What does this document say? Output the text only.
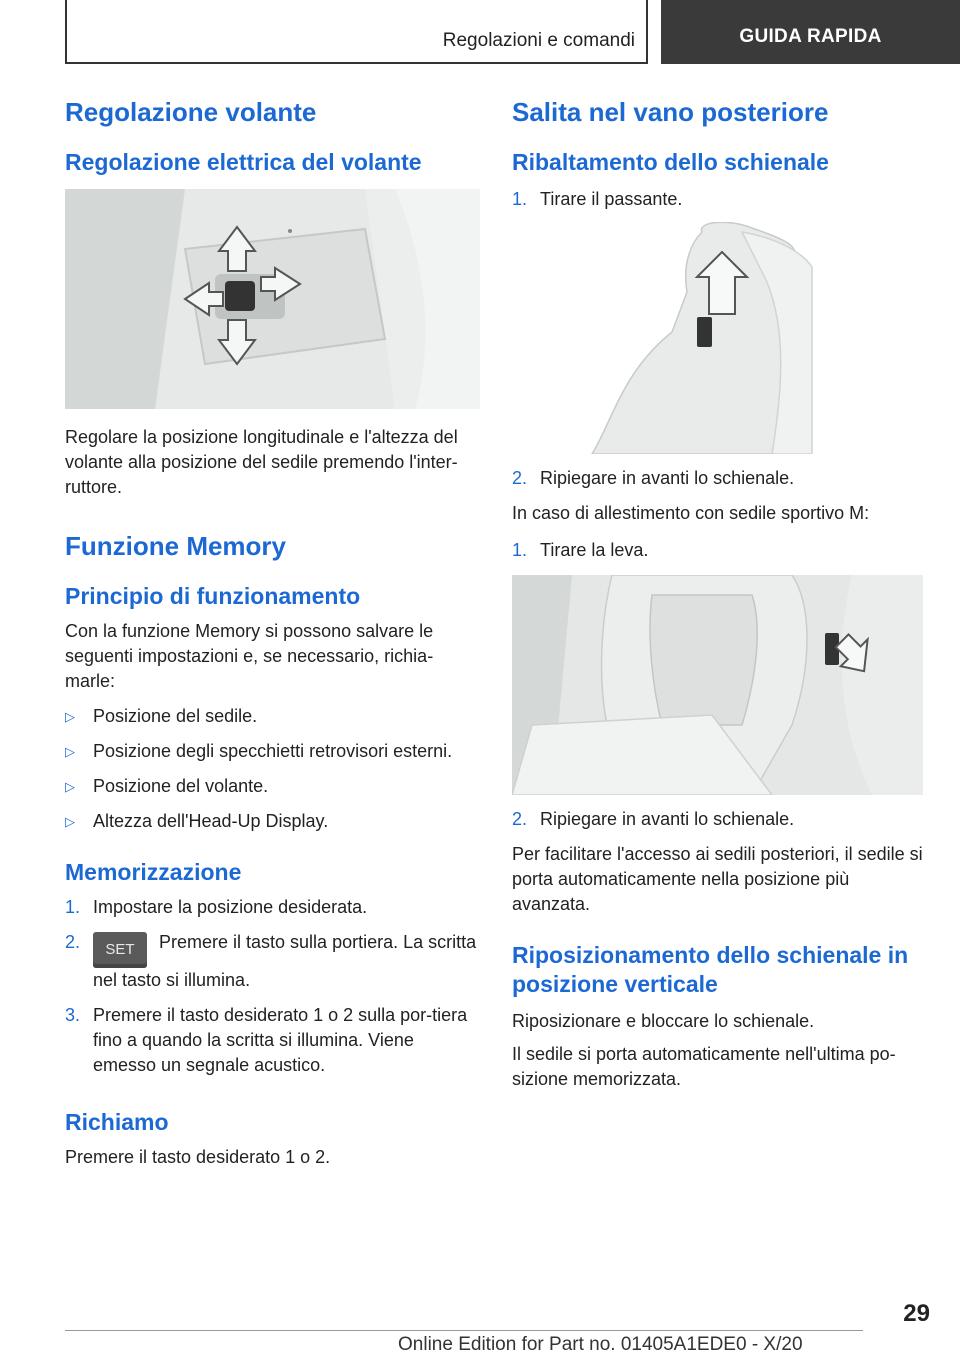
Regolazioni e comandi	GUIDA RAPIDA
Regolazione volante
Regolazione elettrica del volante

Regolare la posizione longitudinale e l'altezza del volante alla posizione del sedile premendo l'inter-ruttore.

Funzione Memory
Principio di funzionamento

Con la funzione Memory si possono salvare le seguenti impostazioni e, se necessario, richia-marle:

▷	Posizione del sedile.
▷	Posizione degli specchietti retrovisori esterni.
▷	Posizione del volante.
▷	Altezza dell'Head-Up Display.
Memorizzazione
1. Impostare la posizione desiderata.
2.	SET Premere il tasto sulla portiera. La scritta nel tasto si illumina.
3. Premere il tasto desiderato 1 o 2 sulla por-tiera fino a quando la scritta si illumina. Viene emesso un segnale acustico.
Richiamo

Premere il tasto desiderato 1 o 2.

Salita nel vano posteriore
Ribaltamento dello schienale
1. Tirare il passante.
2. Ripiegare in avanti lo schienale.

In caso di allestimento con sedile sportivo M:

1. Tirare la leva.
2. Ripiegare in avanti lo schienale.

Per facilitare l'accesso ai sedili posteriori, il sedile si porta automaticamente nella posizione più avanzata.

Riposizionamento dello schienale in posizione verticale

Riposizionare e bloccare lo schienale.

Il sedile si porta automaticamente nell'ultima po-sizione memorizzata.

29
Online Edition for Part no. 01405A1EDE0 - X/20
